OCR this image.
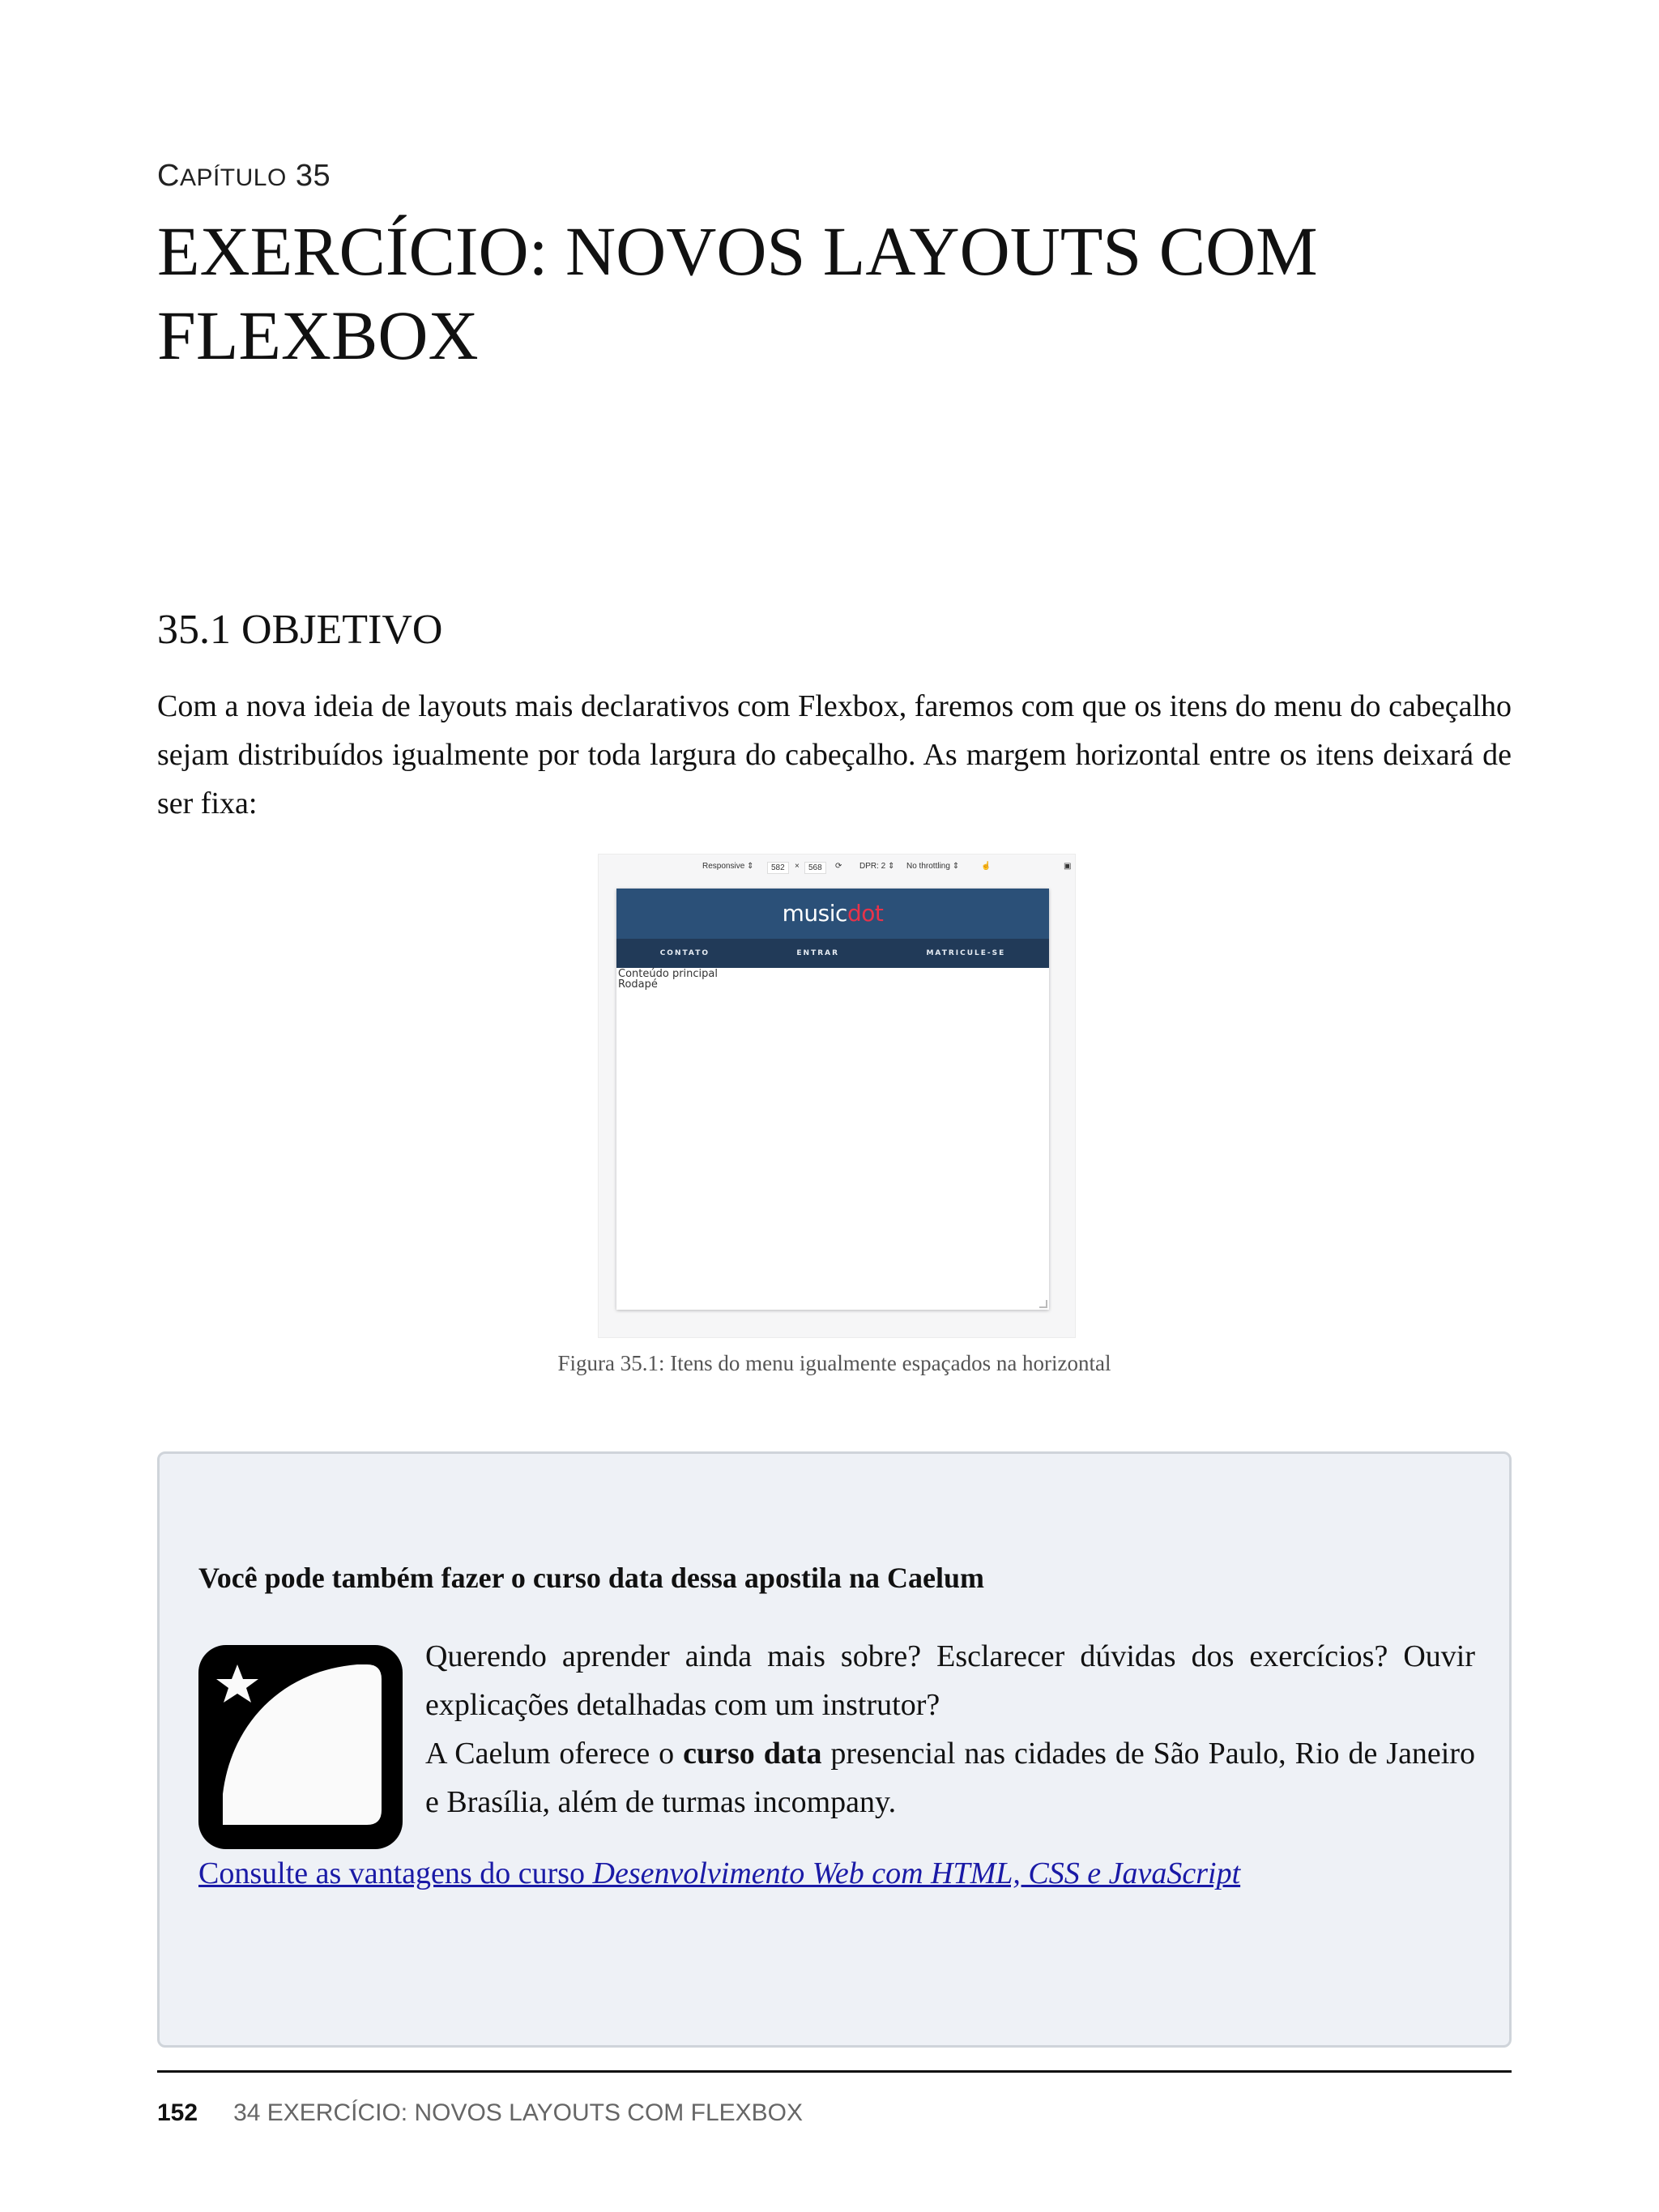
CAPÍTULO 35
EXERCÍCIO: NOVOS LAYOUTS COM FLEXBOX
35.1 OBJETIVO
Com a nova ideia de layouts mais declarativos com Flexbox, faremos com que os itens do menu do cabeçalho sejam distribuídos igualmente por toda largura do cabeçalho. As margem horizontal entre os itens deixará de ser fixa:
Responsive ⇕	582	×	568	⟳ DPR: 2 ⇕ No throttling ⇕	☝	▣
musicdot
CONTATO	ENTRAR	MATRICULE-SE
Conteúdo principal
Rodapé
Figura 35.1: Itens do menu igualmente espaçados na horizontal
Você pode também fazer o curso data dessa apostila na Caelum

Querendo aprender ainda mais sobre? Esclarecer dúvidas dos exercícios? Ouvir explicações detalhadas com um instrutor?

A Caelum oferece o curso data presencial nas cidades de São Paulo, Rio de Janeiro e Brasília, além de turmas incompany.

Consulte as vantagens do curso Desenvolvimento Web com HTML, CSS e JavaScript

152 34 EXERCÍCIO: NOVOS LAYOUTS COM FLEXBOX
